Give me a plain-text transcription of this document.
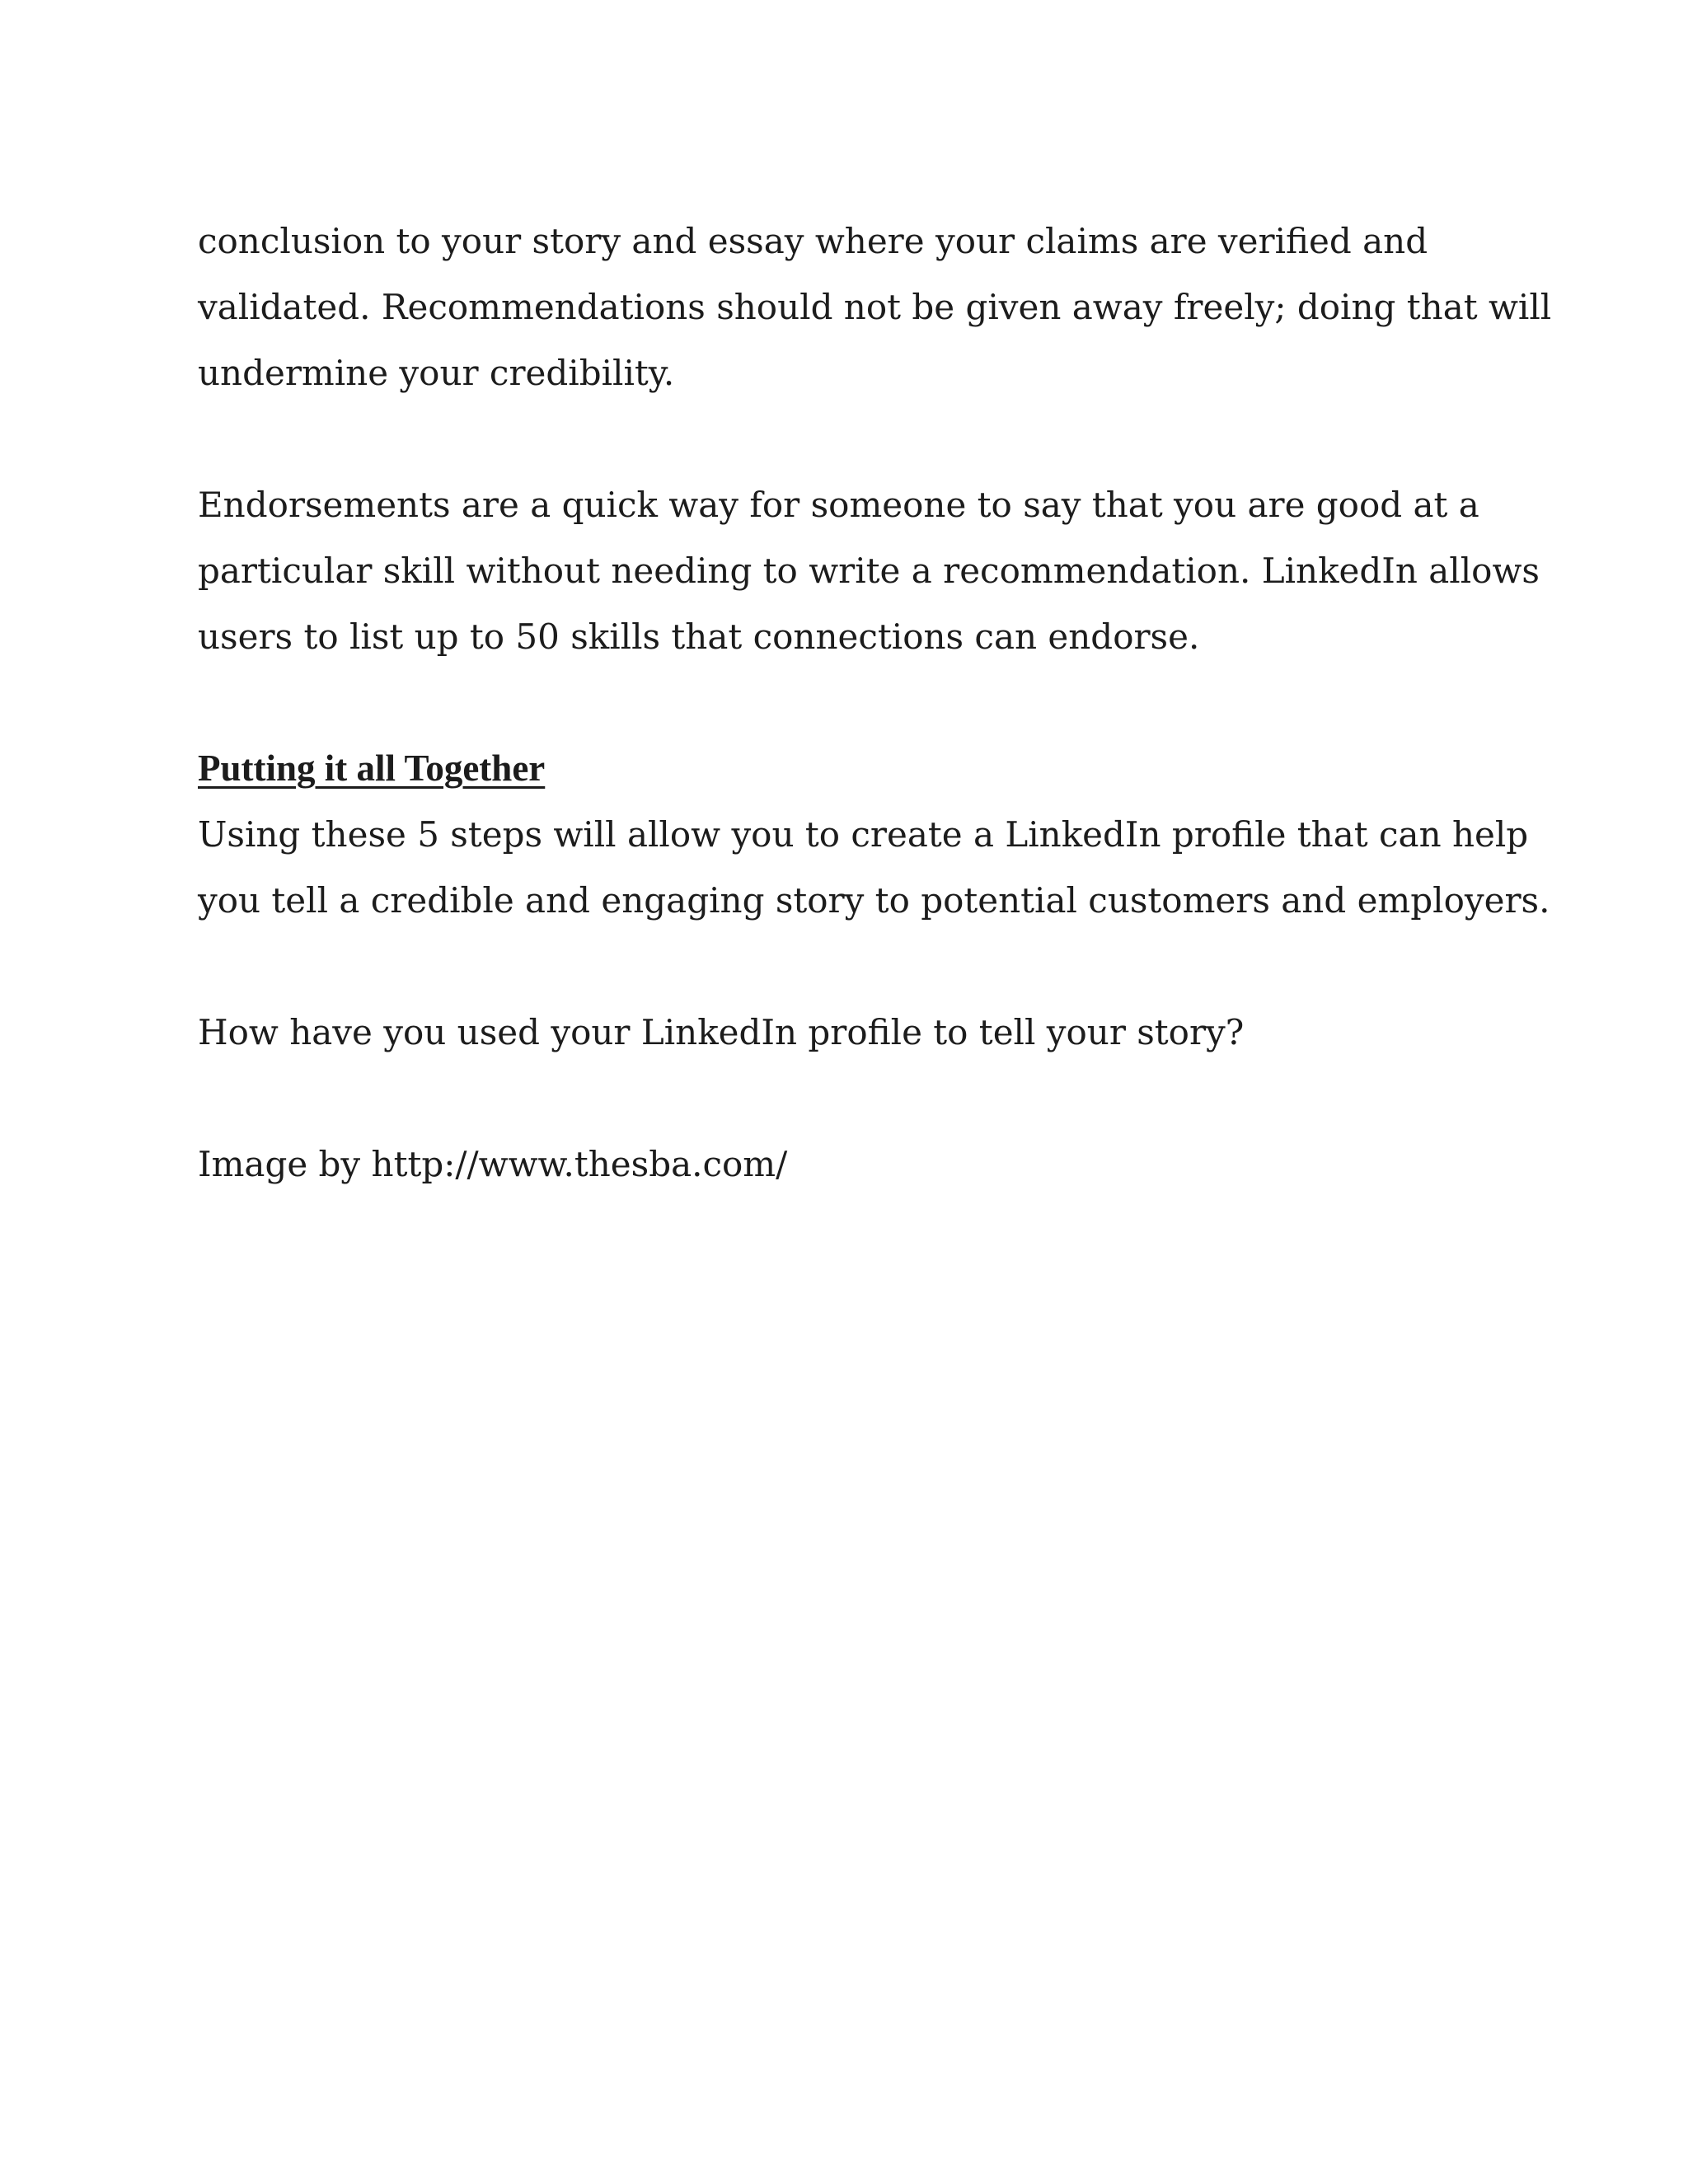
conclusion to your story and essay where your claims are verified and

validated. Recommendations should not be given away freely; doing that will

undermine your credibility.

Endorsements are a quick way for someone to say that you are good at a

particular skill without needing to write a recommendation. LinkedIn allows

users to list up to 50 skills that connections can endorse.

Putting it all Together

Using these 5 steps will allow you to create a LinkedIn profile that can help

you tell a credible and engaging story to potential customers and employers.

How have you used your LinkedIn profile to tell your story?

Image by http://www.thesba.com/
